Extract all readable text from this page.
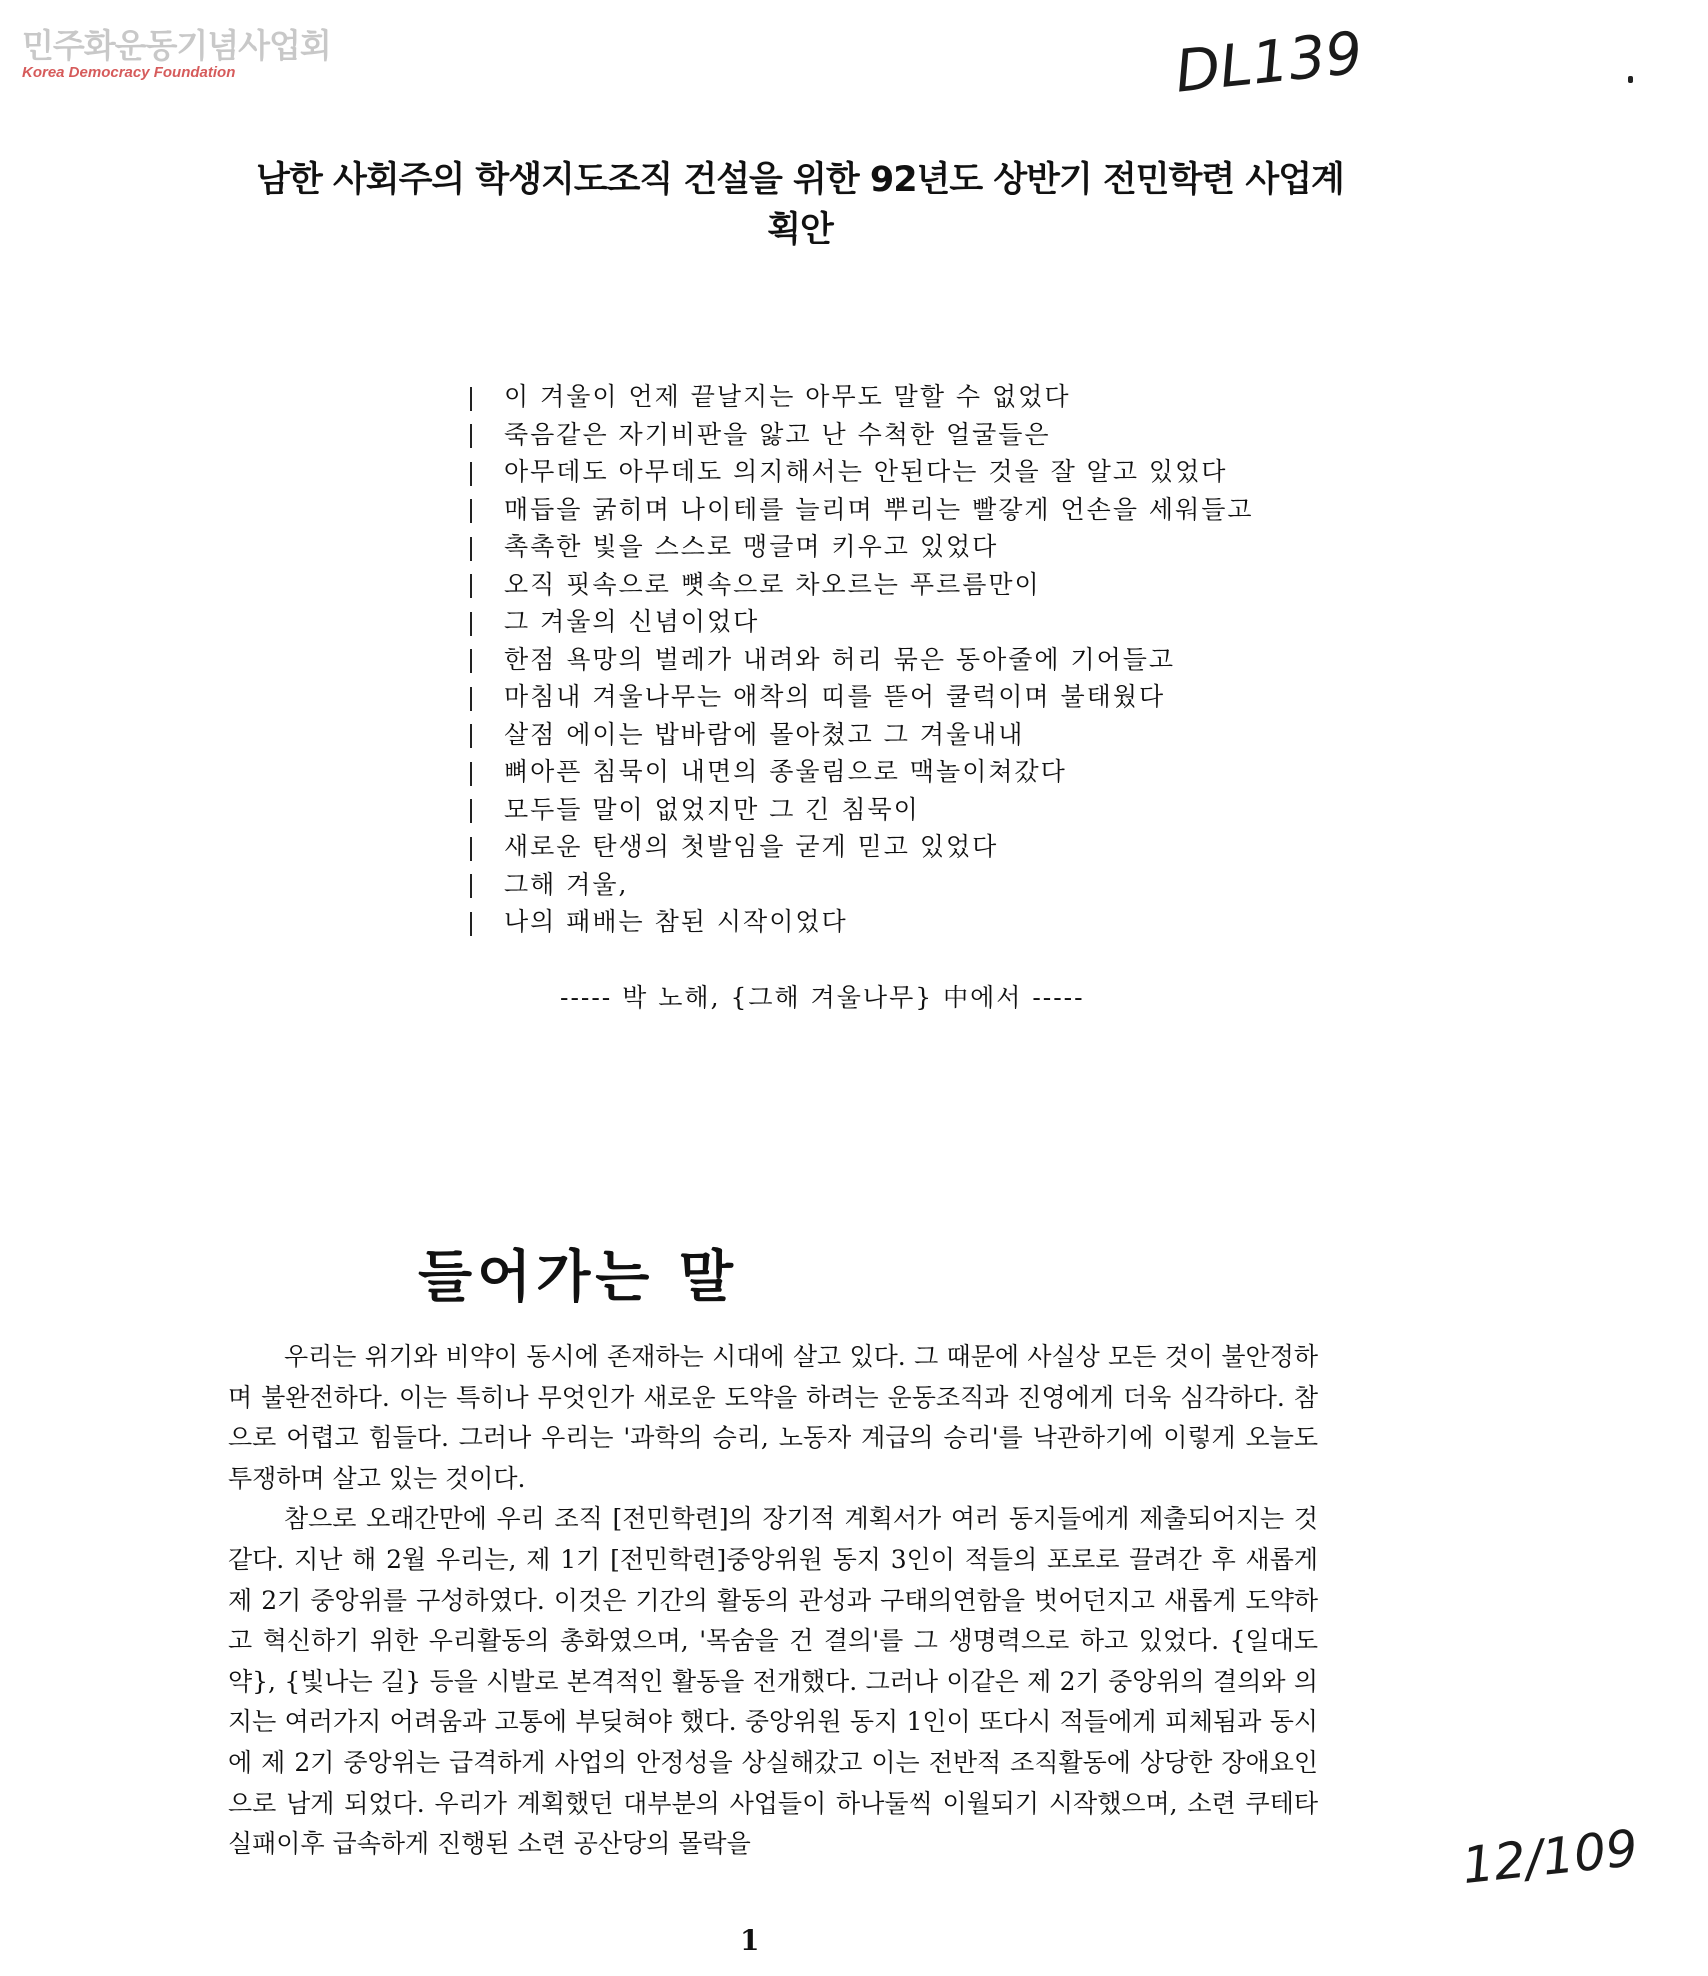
민주화운동기념사업회
Korea Democracy Foundation	DL139
남한 사회주의 학생지도조직 건설을 위한 92년도 상반기 전민학련 사업계획안
이 겨울이 언제 끝날지는 아무도 말할 수 없었다
죽음같은 자기비판을 앓고 난 수척한 얼굴들은
아무데도 아무데도 의지해서는 안된다는 것을 잘 알고 있었다
매듭을 굵히며 나이테를 늘리며 뿌리는 빨갛게 언손을 세워들고
촉촉한 빛을 스스로 맹글며 키우고 있었다
오직 핏속으로 뼛속으로 차오르는 푸르름만이
그 겨울의 신념이었다
한점 욕망의 벌레가 내려와 허리 묶은 동아줄에 기어들고
마침내 겨울나무는 애착의 띠를 뜯어 쿨럭이며 불태웠다
살점 에이는 밥바람에 몰아쳤고 그 겨울내내
뼈아픈 침묵이 내면의 종울림으로 맥놀이쳐갔다
모두들 말이 없었지만 그 긴 침묵이
새로운 탄생의 첫발임을 굳게 믿고 있었다
그해 겨울,
나의 패배는 참된 시작이었다
----- 박 노해, {그해 겨울나무} 中에서 -----
들어가는 말

우리는 위기와 비약이 동시에 존재하는 시대에 살고 있다. 그 때문에 사실상 모든 것이 불안정하며 불완전하다. 이는 특히나 무엇인가 새로운 도약을 하려는 운동조직과 진영에게 더욱 심각하다. 참으로 어렵고 힘들다. 그러나 우리는 '과학의 승리, 노동자 계급의 승리'를 낙관하기에 이렇게 오늘도 투쟁하며 살고 있는 것이다.

참으로 오래간만에 우리 조직 [전민학련]의 장기적 계획서가 여러 동지들에게 제출되어지는 것 같다. 지난 해 2월 우리는, 제 1기 [전민학련]중앙위원 동지 3인이 적들의 포로로 끌려간 후 새롭게 제 2기 중앙위를 구성하였다. 이것은 기간의 활동의 관성과 구태의연함을 벗어던지고 새롭게 도약하고 혁신하기 위한 우리활동의 총화였으며, '목숨을 건 결의'를 그 생명력으로 하고 있었다. {일대도약}, {빛나는 길} 등을 시발로 본격적인 활동을 전개했다. 그러나 이같은 제 2기 중앙위의 결의와 의지는 여러가지 어려움과 고통에 부딪혀야 했다. 중앙위원 동지 1인이 또다시 적들에게 피체됨과 동시에 제 2기 중앙위는 급격하게 사업의 안정성을 상실해갔고 이는 전반적 조직활동에 상당한 장애요인으로 남게 되었다. 우리가 계획했던 대부분의 사업들이 하나둘씩 이월되기 시작했으며, 소련 쿠테타 실패이후 급속하게 진행된 소련 공산당의 몰락을

1
12/109
